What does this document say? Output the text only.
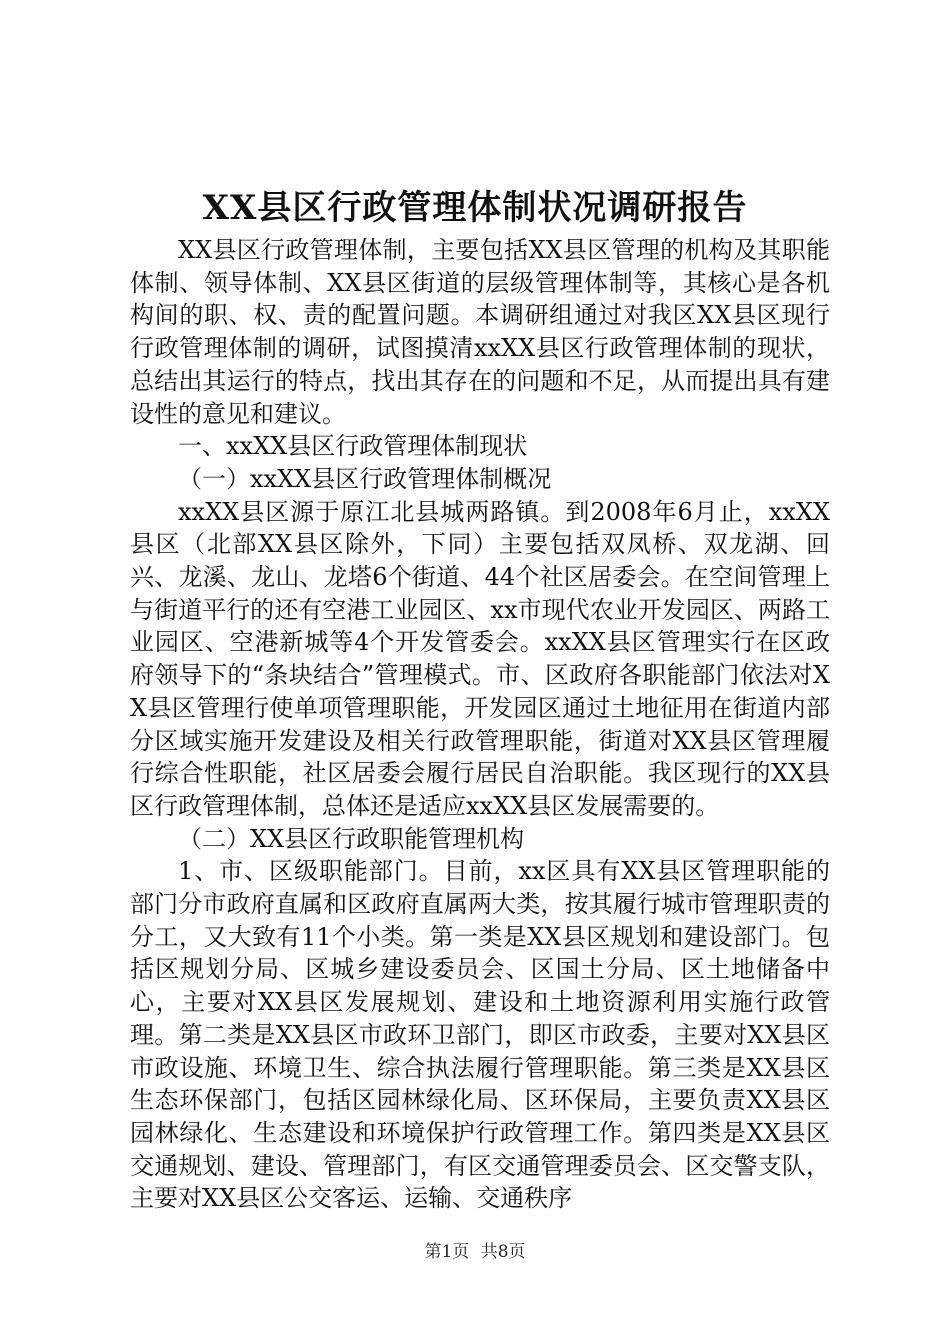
XX县区行政管理体制状况调研报告

XX县区行政管理体制，主要包括XX县区管理的机构及其职能体制、领导体制、XX县区街道的层级管理体制等，其核心是各机构间的职、权、责的配置问题。本调研组通过对我区XX县区现行行政管理体制的调研，试图摸清xxXX县区行政管理体制的现状，总结出其运行的特点，找出其存在的问题和不足，从而提出具有建设性的意见和建议。

一、xxXX县区行政管理体制现状

（一）xxXX县区行政管理体制概况

xxXX县区源于原江北县城两路镇。到2008年6月止，xxXX县区（北部XX县区除外，下同）主要包括双凤桥、双龙湖、回兴、龙溪、龙山、龙塔6个街道、44个社区居委会。在空间管理上与街道平行的还有空港工业园区、xx市现代农业开发园区、两路工业园区、空港新城等4个开发管委会。xxXX县区管理实行在区政府领导下的“条块结合”管理模式。市、区政府各职能部门依法对XX县区管理行使单项管理职能，开发园区通过土地征用在街道内部分区域实施开发建设及相关行政管理职能，街道对XX县区管理履行综合性职能，社区居委会履行居民自治职能。我区现行的XX县区行政管理体制，总体还是适应xxXX县区发展需要的。

（二）XX县区行政职能管理机构

1、市、区级职能部门。目前，xx区具有XX县区管理职能的部门分市政府直属和区政府直属两大类，按其履行城市管理职责的分工，又大致有11个小类。第一类是XX县区规划和建设部门。包括区规划分局、区城乡建设委员会、区国土分局、区土地储备中心，主要对XX县区发展规划、建设和土地资源利用实施行政管理。第二类是XX县区市政环卫部门，即区市政委，主要对XX县区市政设施、环境卫生、综合执法履行管理职能。第三类是XX县区生态环保部门，包括区园林绿化局、区环保局，主要负责XX县区园林绿化、生态建设和环境保护行政管理工作。第四类是XX县区交通规划、建设、管理部门，有区交通管理委员会、区交警支队，主要对XX县区公交客运、运输、交通秩序

第1页 共8页
